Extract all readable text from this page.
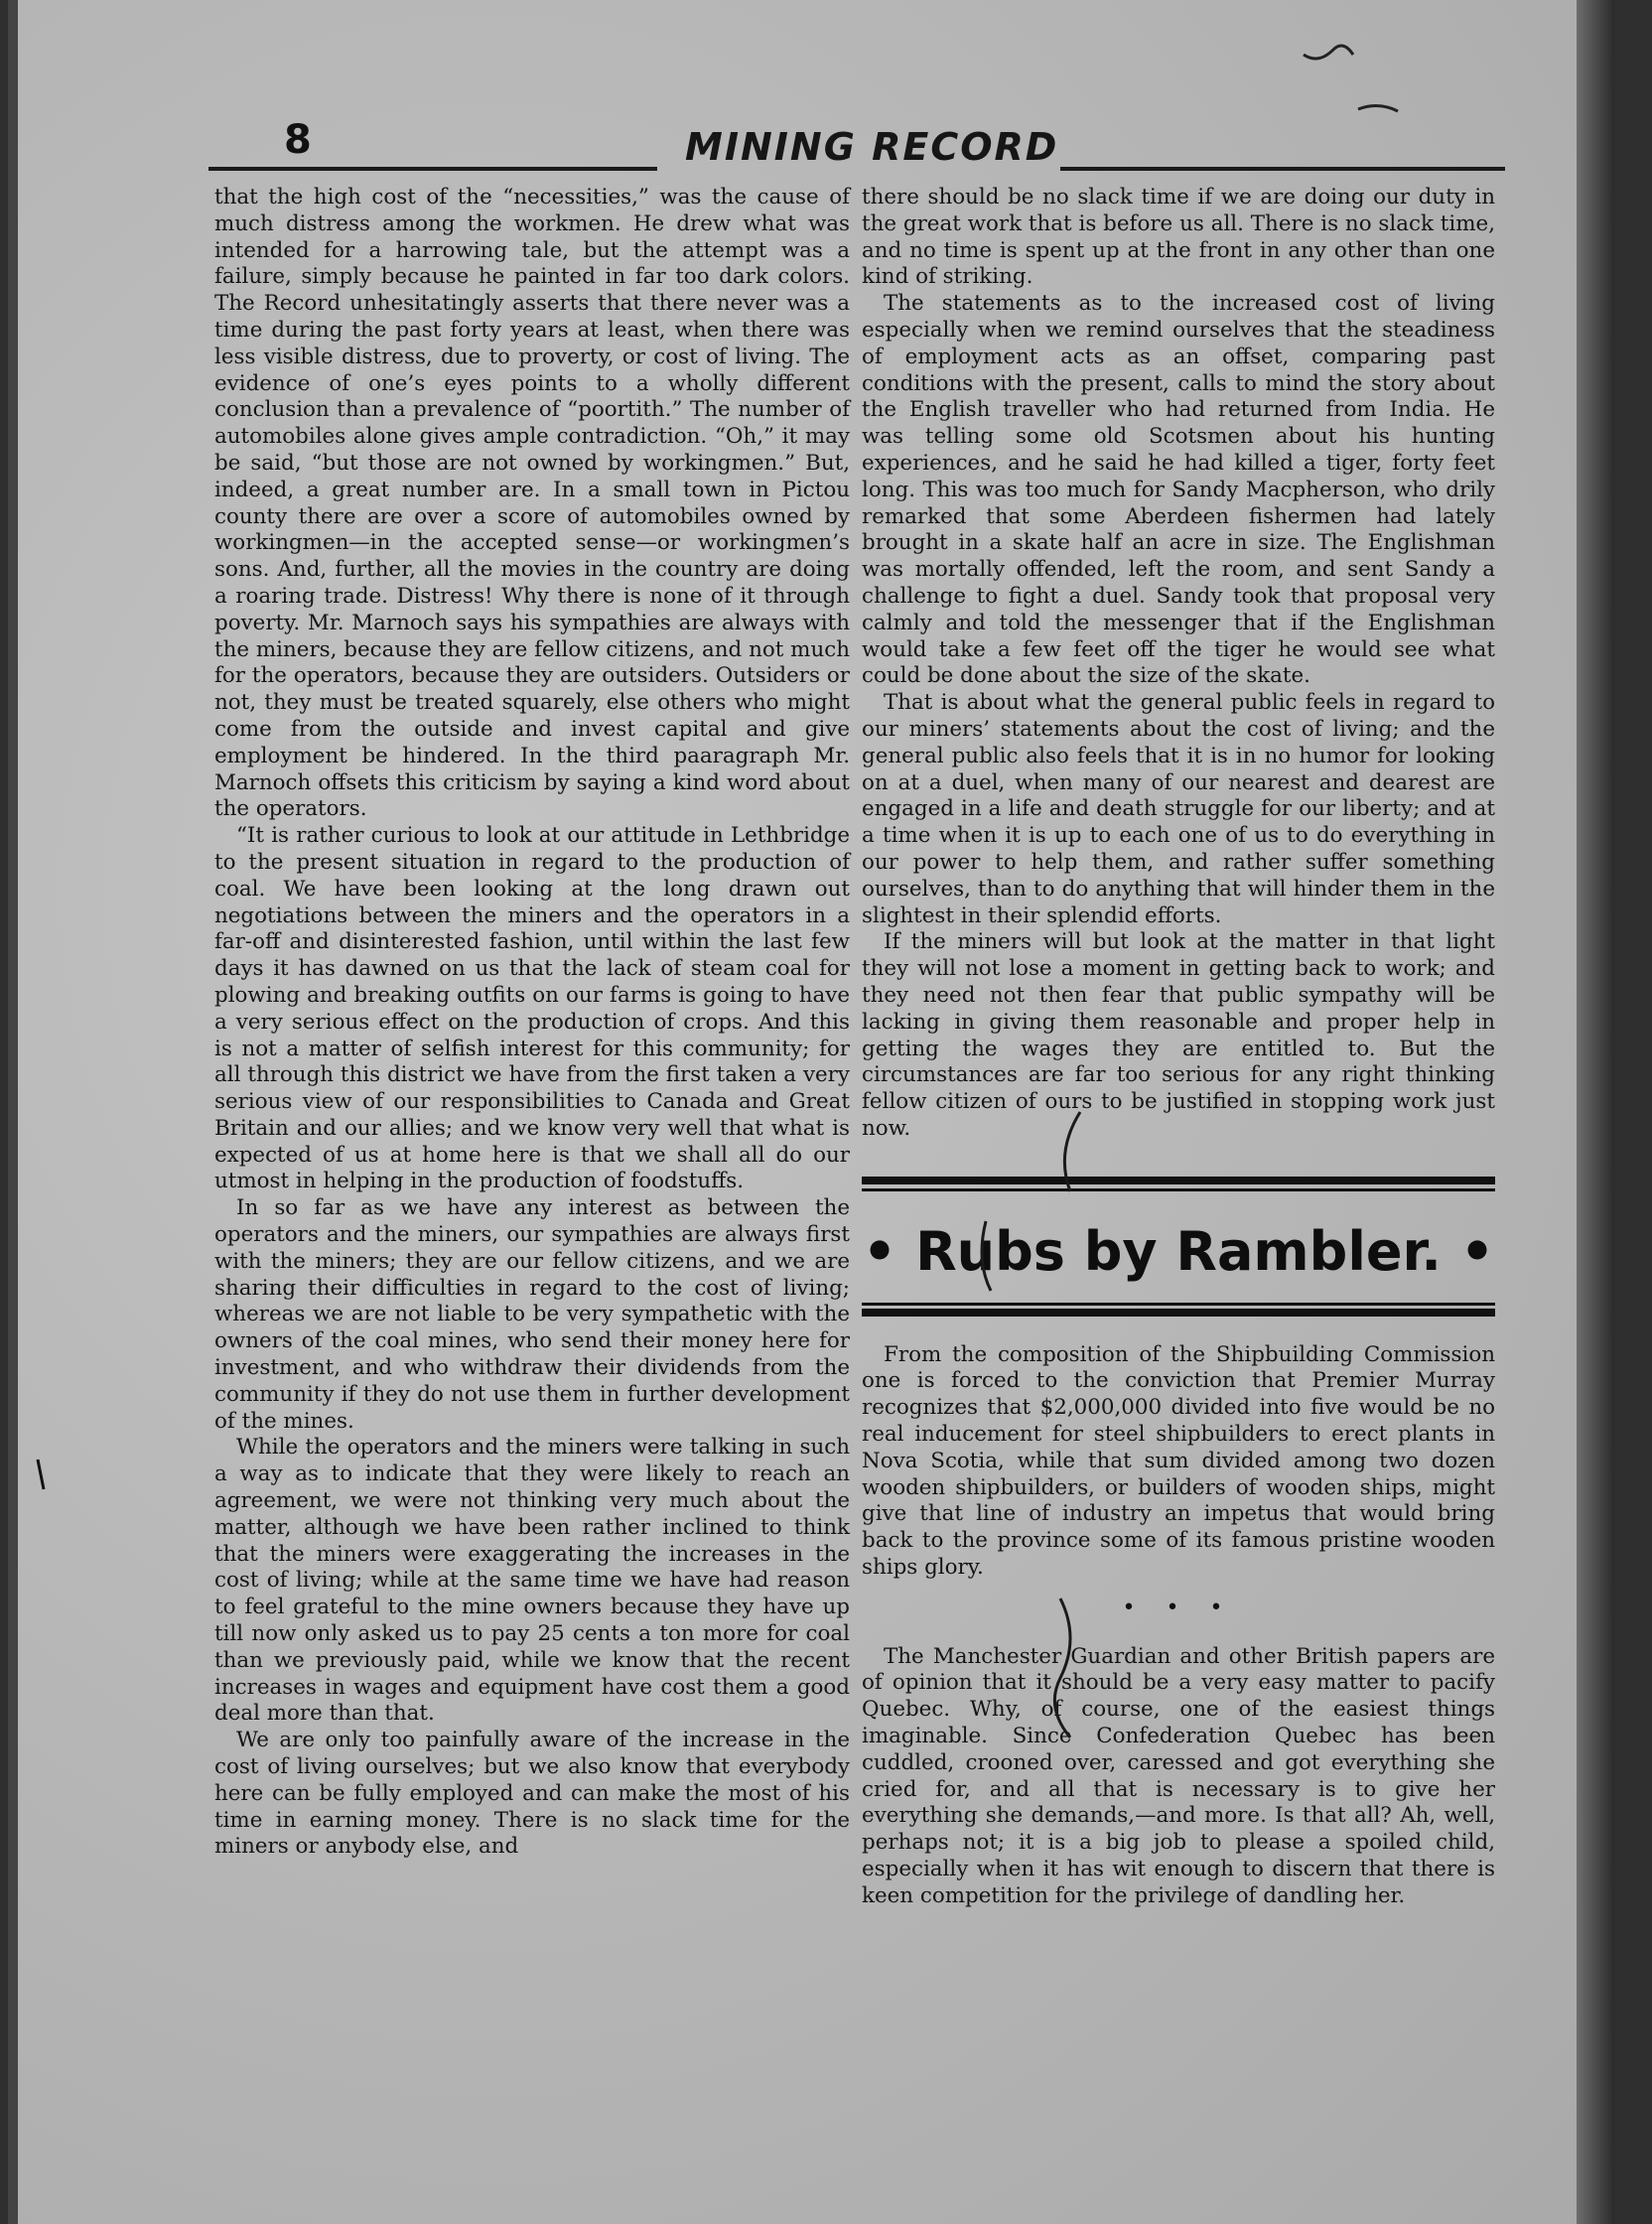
8	MINING RECORD

that the high cost of the “necessities,” was the cause of much distress among the workmen. He drew what was intended for a harrowing tale, but the attempt was a failure, simply because he painted in far too dark colors. The Record unhesitatingly asserts that there never was a time during the past forty years at least, when there was less visible distress, due to proverty, or cost of living. The evidence of one’s eyes points to a wholly different conclusion than a prevalence of “poortith.” The number of automobiles alone gives ample contradiction. “Oh,” it may be said, “but those are not owned by workingmen.” But, indeed, a great number are. In a small town in Pictou county there are over a score of automobiles owned by workingmen—in the accepted sense—or workingmen’s sons. And, further, all the movies in the country are doing a roaring trade. Distress! Why there is none of it through poverty. Mr. Marnoch says his sympathies are always with the miners, because they are fellow citizens, and not much for the operators, because they are outsiders. Outsiders or not, they must be treated squarely, else others who might come from the outside and invest capital and give employment be hindered. In the third paaragraph Mr. Marnoch offsets this criticism by saying a kind word about the operators.

“It is rather curious to look at our attitude in Lethbridge to the present situation in regard to the production of coal. We have been looking at the long drawn out negotiations between the miners and the operators in a far-off and disinterested fashion, until within the last few days it has dawned on us that the lack of steam coal for plowing and breaking outfits on our farms is going to have a very serious effect on the production of crops. And this is not a matter of selfish interest for this community; for all through this district we have from the first taken a very serious view of our responsibilities to Canada and Great Britain and our allies; and we know very well that what is expected of us at home here is that we shall all do our utmost in helping in the production of foodstuffs.

In so far as we have any interest as between the operators and the miners, our sympathies are always first with the miners; they are our fellow citizens, and we are sharing their difficulties in regard to the cost of living; whereas we are not liable to be very sympathetic with the owners of the coal mines, who send their money here for investment, and who withdraw their dividends from the community if they do not use them in further development of the mines.

While the operators and the miners were talking in such a way as to indicate that they were likely to reach an agreement, we were not thinking very much about the matter, although we have been rather inclined to think that the miners were exaggerating the increases in the cost of living; while at the same time we have had reason to feel grateful to the mine owners because they have up till now only asked us to pay 25 cents a ton more for coal than we previously paid, while we know that the recent increases in wages and equipment have cost them a good deal more than that.

We are only too painfully aware of the increase in the cost of living ourselves; but we also know that everybody here can be fully employed and can make the most of his time in earning money. There is no slack time for the miners or anybody else, and

there should be no slack time if we are doing our duty in the great work that is before us all. There is no slack time, and no time is spent up at the front in any other than one kind of striking.

The statements as to the increased cost of living especially when we remind ourselves that the steadiness of employment acts as an offset, comparing past conditions with the present, calls to mind the story about the English traveller who had returned from India. He was telling some old Scotsmen about his hunting experiences, and he said he had killed a tiger, forty feet long. This was too much for Sandy Macpherson, who drily remarked that some Aberdeen fishermen had lately brought in a skate half an acre in size. The Englishman was mortally offended, left the room, and sent Sandy a challenge to fight a duel. Sandy took that proposal very calmly and told the messenger that if the Englishman would take a few feet off the tiger he would see what could be done about the size of the skate.

That is about what the general public feels in regard to our miners’ statements about the cost of living; and the general public also feels that it is in no humor for looking on at a duel, when many of our nearest and dearest are engaged in a life and death struggle for our liberty; and at a time when it is up to each one of us to do everything in our power to help them, and rather suffer something ourselves, than to do anything that will hinder them in the slightest in their splendid efforts.

If the miners will but look at the matter in that light they will not lose a moment in getting back to work; and they need not then fear that public sympathy will be lacking in giving them reasonable and proper help in getting the wages they are entitled to. But the circumstances are far too serious for any right thinking fellow citizen of ours to be justified in stopping work just now.

• Rubs by Rambler. •

From the composition of the Shipbuilding Commission one is forced to the conviction that Premier Murray recognizes that $2,000,000 divided into five would be no real inducement for steel shipbuilders to erect plants in Nova Scotia, while that sum divided among two dozen wooden shipbuilders, or builders of wooden ships, might give that line of industry an impetus that would bring back to the province some of its famous pristine wooden ships glory.

• • •

The Manchester Guardian and other British papers are of opinion that it should be a very easy matter to pacify Quebec. Why, of course, one of the easiest things imaginable. Since Confederation Quebec has been cuddled, crooned over, caressed and got everything she cried for, and all that is necessary is to give her everything she demands,—and more. Is that all? Ah, well, perhaps not; it is a big job to please a spoiled child, especially when it has wit enough to discern that there is keen competition for the privilege of dandling her.
